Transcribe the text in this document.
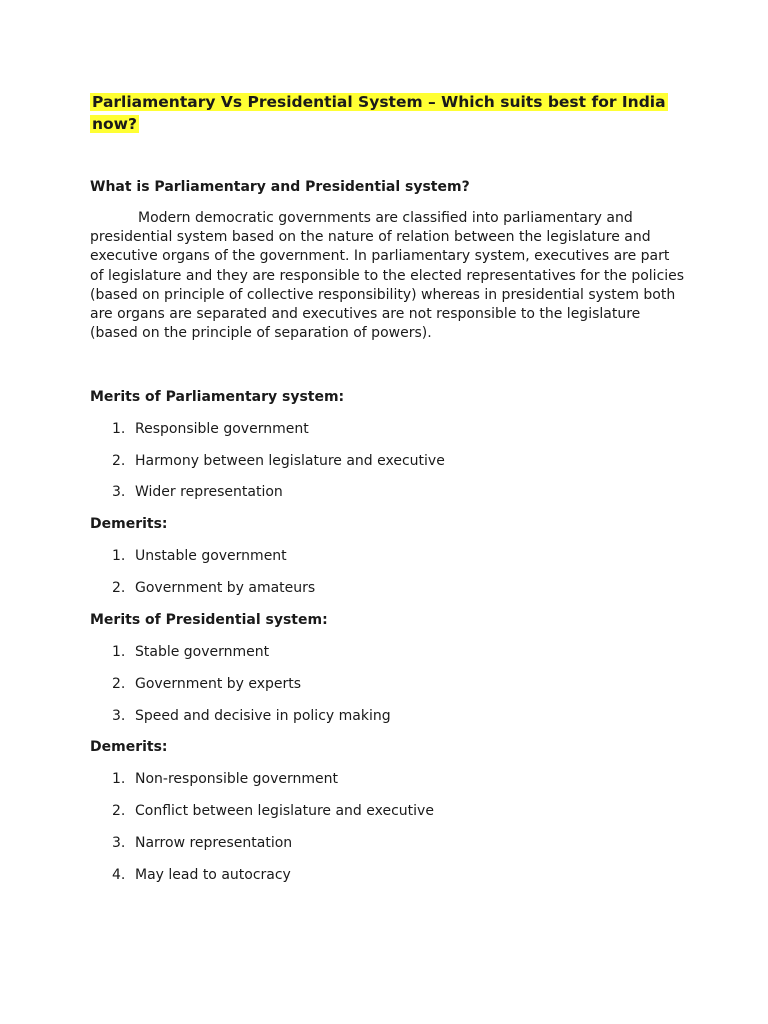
Parliamentary Vs Presidential System – Which suits best for India now?
What is Parliamentary and Presidential system?

Modern democratic governments are classified into parliamentary and presidential system based on the nature of relation between the legislature and executive organs of the government. In parliamentary system, executives are part of legislature and they are responsible to the elected representatives for the policies (based on principle of collective responsibility) whereas in presidential system both are organs are separated and executives are not responsible to the legislature (based on the principle of separation of powers).

Merits of Parliamentary system:
1. Responsible government
2. Harmony between legislature and executive
3. Wider representation
Demerits:
1. Unstable government
2. Government by amateurs
Merits of Presidential system:
1. Stable government
2. Government by experts
3. Speed and decisive in policy making
Demerits:
1. Non-responsible government
2. Conflict between legislature and executive
3. Narrow representation
4. May lead to autocracy
